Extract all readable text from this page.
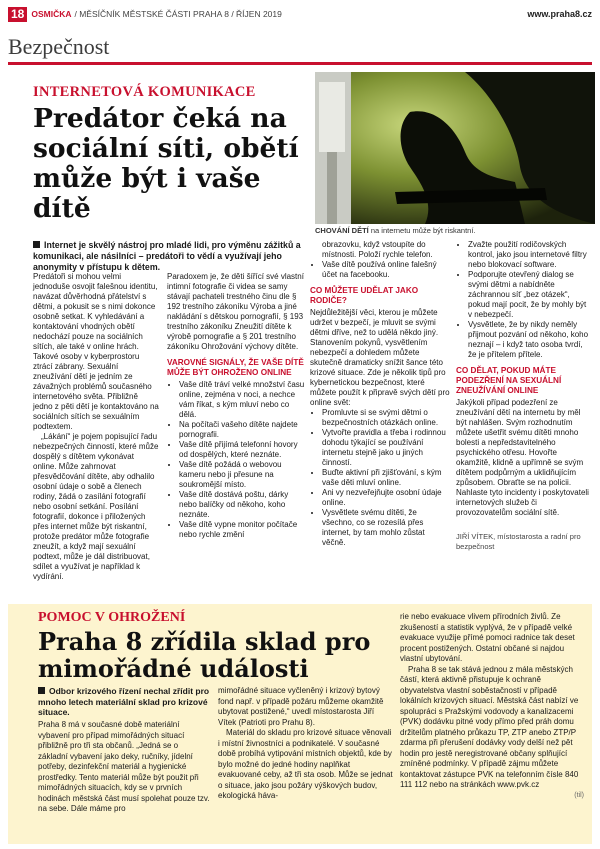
18 OSMIČKA / MĚSÍČNÍK MĚSTSKÉ ČÁSTI PRAHA 8 / ŘÍJEN 2019	www.praha8.cz
Bezpečnost
INTERNETOVÁ KOMUNIKACE
Predátor čeká na sociální síti, obětí může být i vaše dítě
CHOVÁNÍ DĚTÍ na internetu může být riskantní.
Internet je skvělý nástroj pro mladé lidi, pro výměnu zážitků a komunikaci, ale násilníci – predátoři to vědí a využívají jeho anonymity v přístupu k dětem.

Predátoři si mohou velmi jednoduše osvojit falešnou identitu, navázat důvěrhodná přátelství s dětmi, a pokusit se s nimi dokonce osobně setkat. K vyhledávání a kontaktování vhodných obětí nedochází pouze na sociálních sítích, ale také v online hrách. Takové osoby v kyberprostoru ztrácí zábrany. Sexuální zneužívání dětí je jedním ze závažných problémů současného internetového světa. Přibližně jedno z pěti dětí je kontaktováno na sociálních sítích se sexuálním podtextem.

„Lákání“ je pojem popisující řadu nebezpečných činností, které může dospělý s dítětem vykonávat online. Může zahrnovat přesvědčování dítěte, aby odhalilo osobní údaje o sobě a členech rodiny, žádá o zasílání fotografií nebo osobní setkání. Posílání fotografií, dokonce i přiložených přes internet může být riskantní, protože predátor může fotografie zneužít, a když mají sexuální podtext, může je dál distribuovat, sdílet a využívat je například k vydírání.

Paradoxem je, že děti šířící své vlastní intimní fotografie či videa se samy stávají pachateli trestného činu dle § 192 trestního zákoníku Výroba a jiné nakládání s dětskou pornografií, § 193 trestního zákoníku Zneužití dítěte k výrobě pornografie a § 201 trestního zákoníku Ohrožování výchovy dítěte.

VAROVNÉ SIGNÁLY, ŽE VAŠE DÍTĚ MŮŽE BÝT OHROŽENO ONLINE
• Vaše dítě tráví velké množství času online, zejména v noci, a nechce vám říkat, s kým mluví nebo co dělá.
• Na počítači vašeho dítěte najdete pornografii.
• Vaše dítě přijímá telefonní hovory od dospělých, které neznáte.
• Vaše dítě požádá o webovou kameru nebo ji přesune na soukromější místo.
• Vaše dítě dostává poštu, dárky nebo balíčky od někoho, koho neznáte.
• Vaše dítě vypne monitor počítače nebo rychle změní

obrazovku, když vstoupíte do místnosti. Položí rychle telefon.

• Vaše dítě používá online falešný účet na facebooku.
CO MŮŽETE UDĚLAT JAKO RODIČE?

Nejdůležitější věci, kterou je můžete udržet v bezpečí, je mluvit se svými dětmi dříve, než to udělá někdo jiný. Stanovením pokynů, vysvětlením nebezpečí a dohledem můžete skutečně dramaticky snížit šance této krizové situace. Zde je několik tipů pro kybernetickou bezpečnost, které můžete použít k připravě svých dětí pro online svět:

• Promluvte si se svými dětmi o bezpečnostních otázkách online.
• Vytvořte pravidla a třeba i rodinnou dohodu týkající se používání internetu stejně jako u jiných činností.
• Buďte aktivní při zjišťování, s kým vaše děti mluví online.
• Ani vy nezveřejňujte osobní údaje online.
• Vysvětlete svému dítěti, že všechno, co se rozesílá přes internet, by tam mohlo zůstat věčně.
• Zvažte použití rodičovských kontrol, jako jsou internetové filtry nebo blokovací software.
• Podporujte otevřený dialog se svými dětmi a nabídněte záchrannou síť „bez otázek“, pokud mají pocit, že by mohly být v nebezpečí.
• Vysvětlete, že by nikdy neměly přijmout pozvání od někoho, koho neznají – i když tato osoba tvrdí, že je přítelem přítele.
CO DĚLAT, POKUD MÁTE PODEZŘENÍ NA SEXUÁLNÍ ZNEUŽÍVÁNÍ ONLINE

Jakýkoli případ podezření ze zneužívání dětí na internetu by měl být nahlášen. Svým rozhodnutím můžete ušetřit svému dítěti mnoho bolesti a nepředstavitelného psychického otřesu. Hovořte okamžitě, klidně a upřímně se svým dítětem podpůrným a uklidňujícím způsobem. Obraťte se na policii. Nahlaste tyto incidenty i poskytovateli internetových služeb či provozovatelům sociální sítě.

JIŘÍ VÍTEK, místostarosta a radní pro bezpečnost
POMOC V OHROŽENÍ
Praha 8 zřídila sklad pro mimořádné události
Odbor krizového řízení nechal zřídit pro mnoho letech materiální sklad pro krizové situace.

Praha 8 má v současné době materiální vybavení pro případ mimořádných situací přibližně pro tři sta občanů. „Jedná se o základní vybavení jako deky, ručníky, jídelní potřeby, dezinfekční materiál a hygienické prostředky. Tento materiál může být použit při mimořádných situacích, kdy se v prvních hodinách městská část musí spolehat pouze tzv. na sebe. Dále máme pro

mimořádné situace vyčleněný i krizový bytový fond např. v případě požáru můžeme okamžitě ubytovat postižené,“ uvedl místostarosta Jiří Vítek (Patrioti pro Prahu 8).

Materiál do skladu pro krizové situace věnovali i místní živnostníci a podnikatelé. V současné době probíhá vytipování místních objektů, kde by bylo možné do jedné hodiny naplňkat evakuované ceby, až tři sta osob. Může se jednat o situace, jako jsou požáry výškových budov, ekologická háva-

rie nebo evakuace vlivem přírodních živlů. Ze zkušeností a statistik vyplývá, že v případě velké evakuace využije přímé pomoci radnice tak deset procent postižených. Ostatní občané si najdou vlastní ubytování.

Praha 8 se tak stává jednou z mála městských částí, která aktivně přistupuje k ochraně obyvatelstva vlastní soběstačností v případě lokálních krizových situací. Městská část nabízí ve spolupráci s Pražskými vodovody a kanalizacemi (PVK) dodávku pitné vody přímo před práh domu držitelům platného průkazu TP, ZTP anebo ZTP/P zdarma při přerušení dodávky vody delší než pět hodin pro jestě neregistrované občany splňující zmíněné podmínky. V případě zájmu můžete kontaktovat zástupce PVK na telefonním čísle 840 111 112 nebo na stránkách www.pvk.cz

(til)
